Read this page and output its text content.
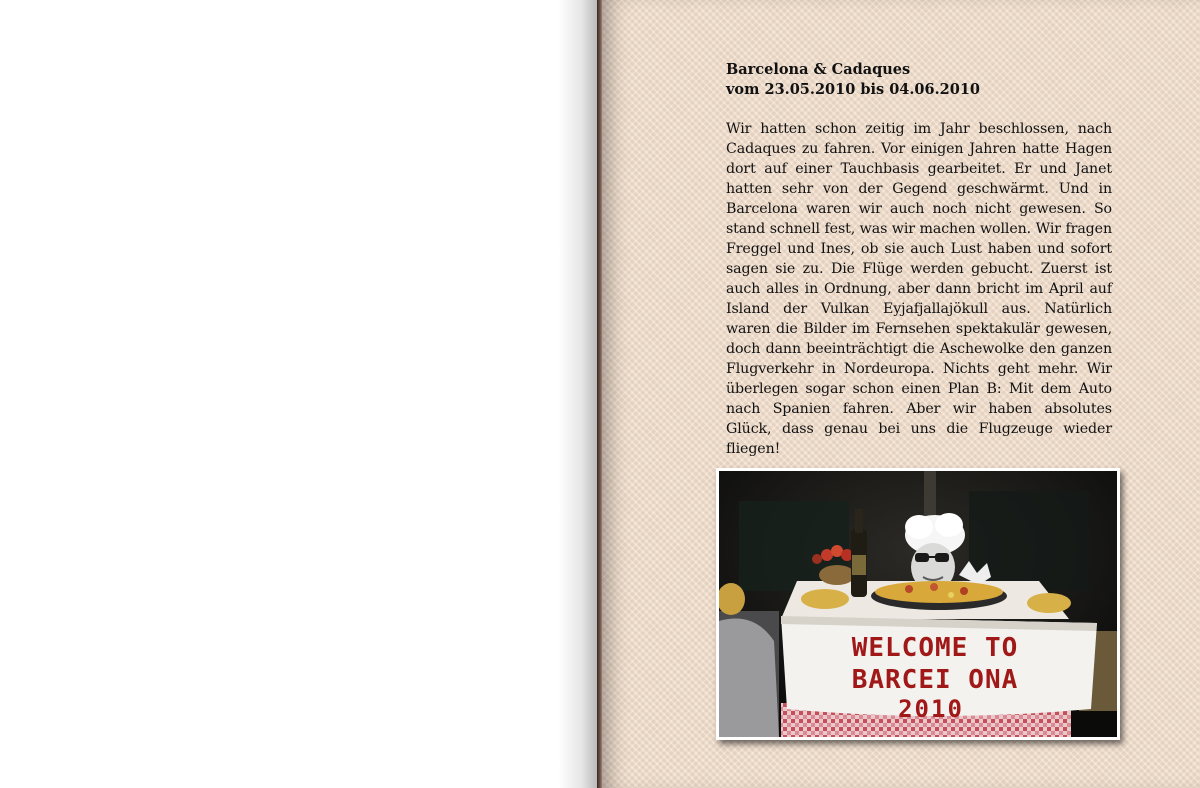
Barcelona & Cadaques

vom 23.05.2010 bis 04.06.2010

Wir hatten schon zeitig im Jahr beschlossen, nach Cadaques zu fahren. Vor einigen Jahren hatte Hagen dort auf einer Tauchbasis gearbeitet. Er und Janet hatten sehr von der Gegend geschwärmt. Und in Barcelona waren wir auch noch nicht gewesen. So stand schnell fest, was wir machen wollen. Wir fragen Freggel und Ines, ob sie auch Lust haben und sofort sagen sie zu. Die Flüge werden gebucht. Zuerst ist auch alles in Ordnung, aber dann bricht im April auf Island der Vulkan Eyjafjallajökull aus. Natürlich waren die Bilder im Fernsehen spektakulär gewesen, doch dann beeinträchtigt die Aschewolke den ganzen Flugverkehr in Nordeuropa. Nichts geht mehr. Wir überlegen sogar schon einen Plan B: Mit dem Auto nach Spanien fahren. Aber wir haben absolutes Glück, dass genau bei uns die Flugzeuge wieder fliegen!

WELCOME TO
BARCEI ONA
2010
